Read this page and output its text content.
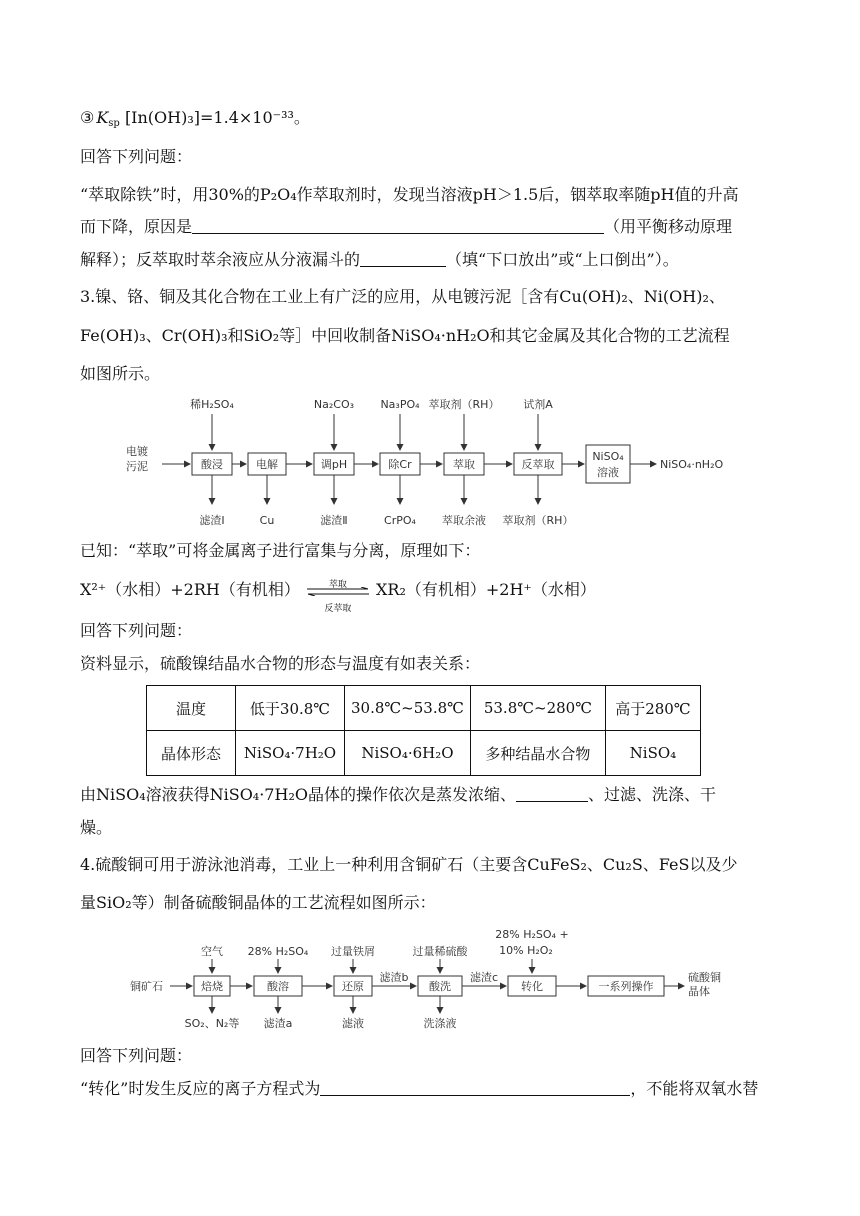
③ $K_{sp}$ [In(OH)₃]=1.4×10⁻³³。
回答下列问题：
“萃取除铁”时，用30%的P₂O₄作萃取剂时，发现当溶液pH＞1.5后，铟萃取率随pH值的升高
而下降，原因是	（用平衡移动原理
解释）；反萃取时萃余液应从分液漏斗的	（填“下口放出”或“上口倒出”）。
3.镍、铬、铜及其化合物在工业上有广泛的应用，从电镀污泥［含有Cu(OH)₂、Ni(OH)₂、
Fe(OH)₃、Cr(OH)₃和SiO₂等］中回收制备NiSO₄·nH₂O和其它金属及其化合物的工艺流程
如图所示。
电镀
污泥	酸浸	电解	调pH	除Cr	萃取	反萃取
NiSO₄
溶液
NiSO₄·nH₂O
稀H₂SO₄	Na₂CO₃ Na₃PO₄ 萃取剂（RH） 试剂A
滤渣Ⅰ	Cu	滤渣Ⅱ	CrPO₄ 萃取余液 萃取剂（RH）
已知：“萃取”可将金属离子进行富集与分离，原理如下：
X²⁺（水相）+2RH（有机相）	萃取
反萃取
XR₂（有机相）+2H⁺（水相）
回答下列问题：
资料显示，硫酸镍结晶水合物的形态与温度有如表关系：
温度	低于30.8℃	30.8℃~53.8℃	53.8℃~280℃	高于280℃
晶体形态	NiSO₄·7H₂O	NiSO₄·6H₂O	多种结晶水合物	NiSO₄
由NiSO₄溶液获得NiSO₄·7H₂O晶体的操作依次是蒸发浓缩、	、过滤、洗涤、干
燥。
4.硫酸铜可用于游泳池消毒，工业上一种利用含铜矿石（主要含CuFeS₂、Cu₂S、FeS以及少
量SiO₂等）制备硫酸铜晶体的工艺流程如图所示：
铜矿石	焙烧	酸溶	还原
滤渣b
酸洗
滤渣c
转化	一系列操作
硫酸铜
晶体
空气 28% H₂SO₄ 过量铁屑	过量稀硫酸
28% H₂SO₄ +
10% H₂O₂
SO₂、N₂等 滤渣a	滤液	洗涤液
回答下列问题：
“转化”时发生反应的离子方程式为	，不能将双氧水替
